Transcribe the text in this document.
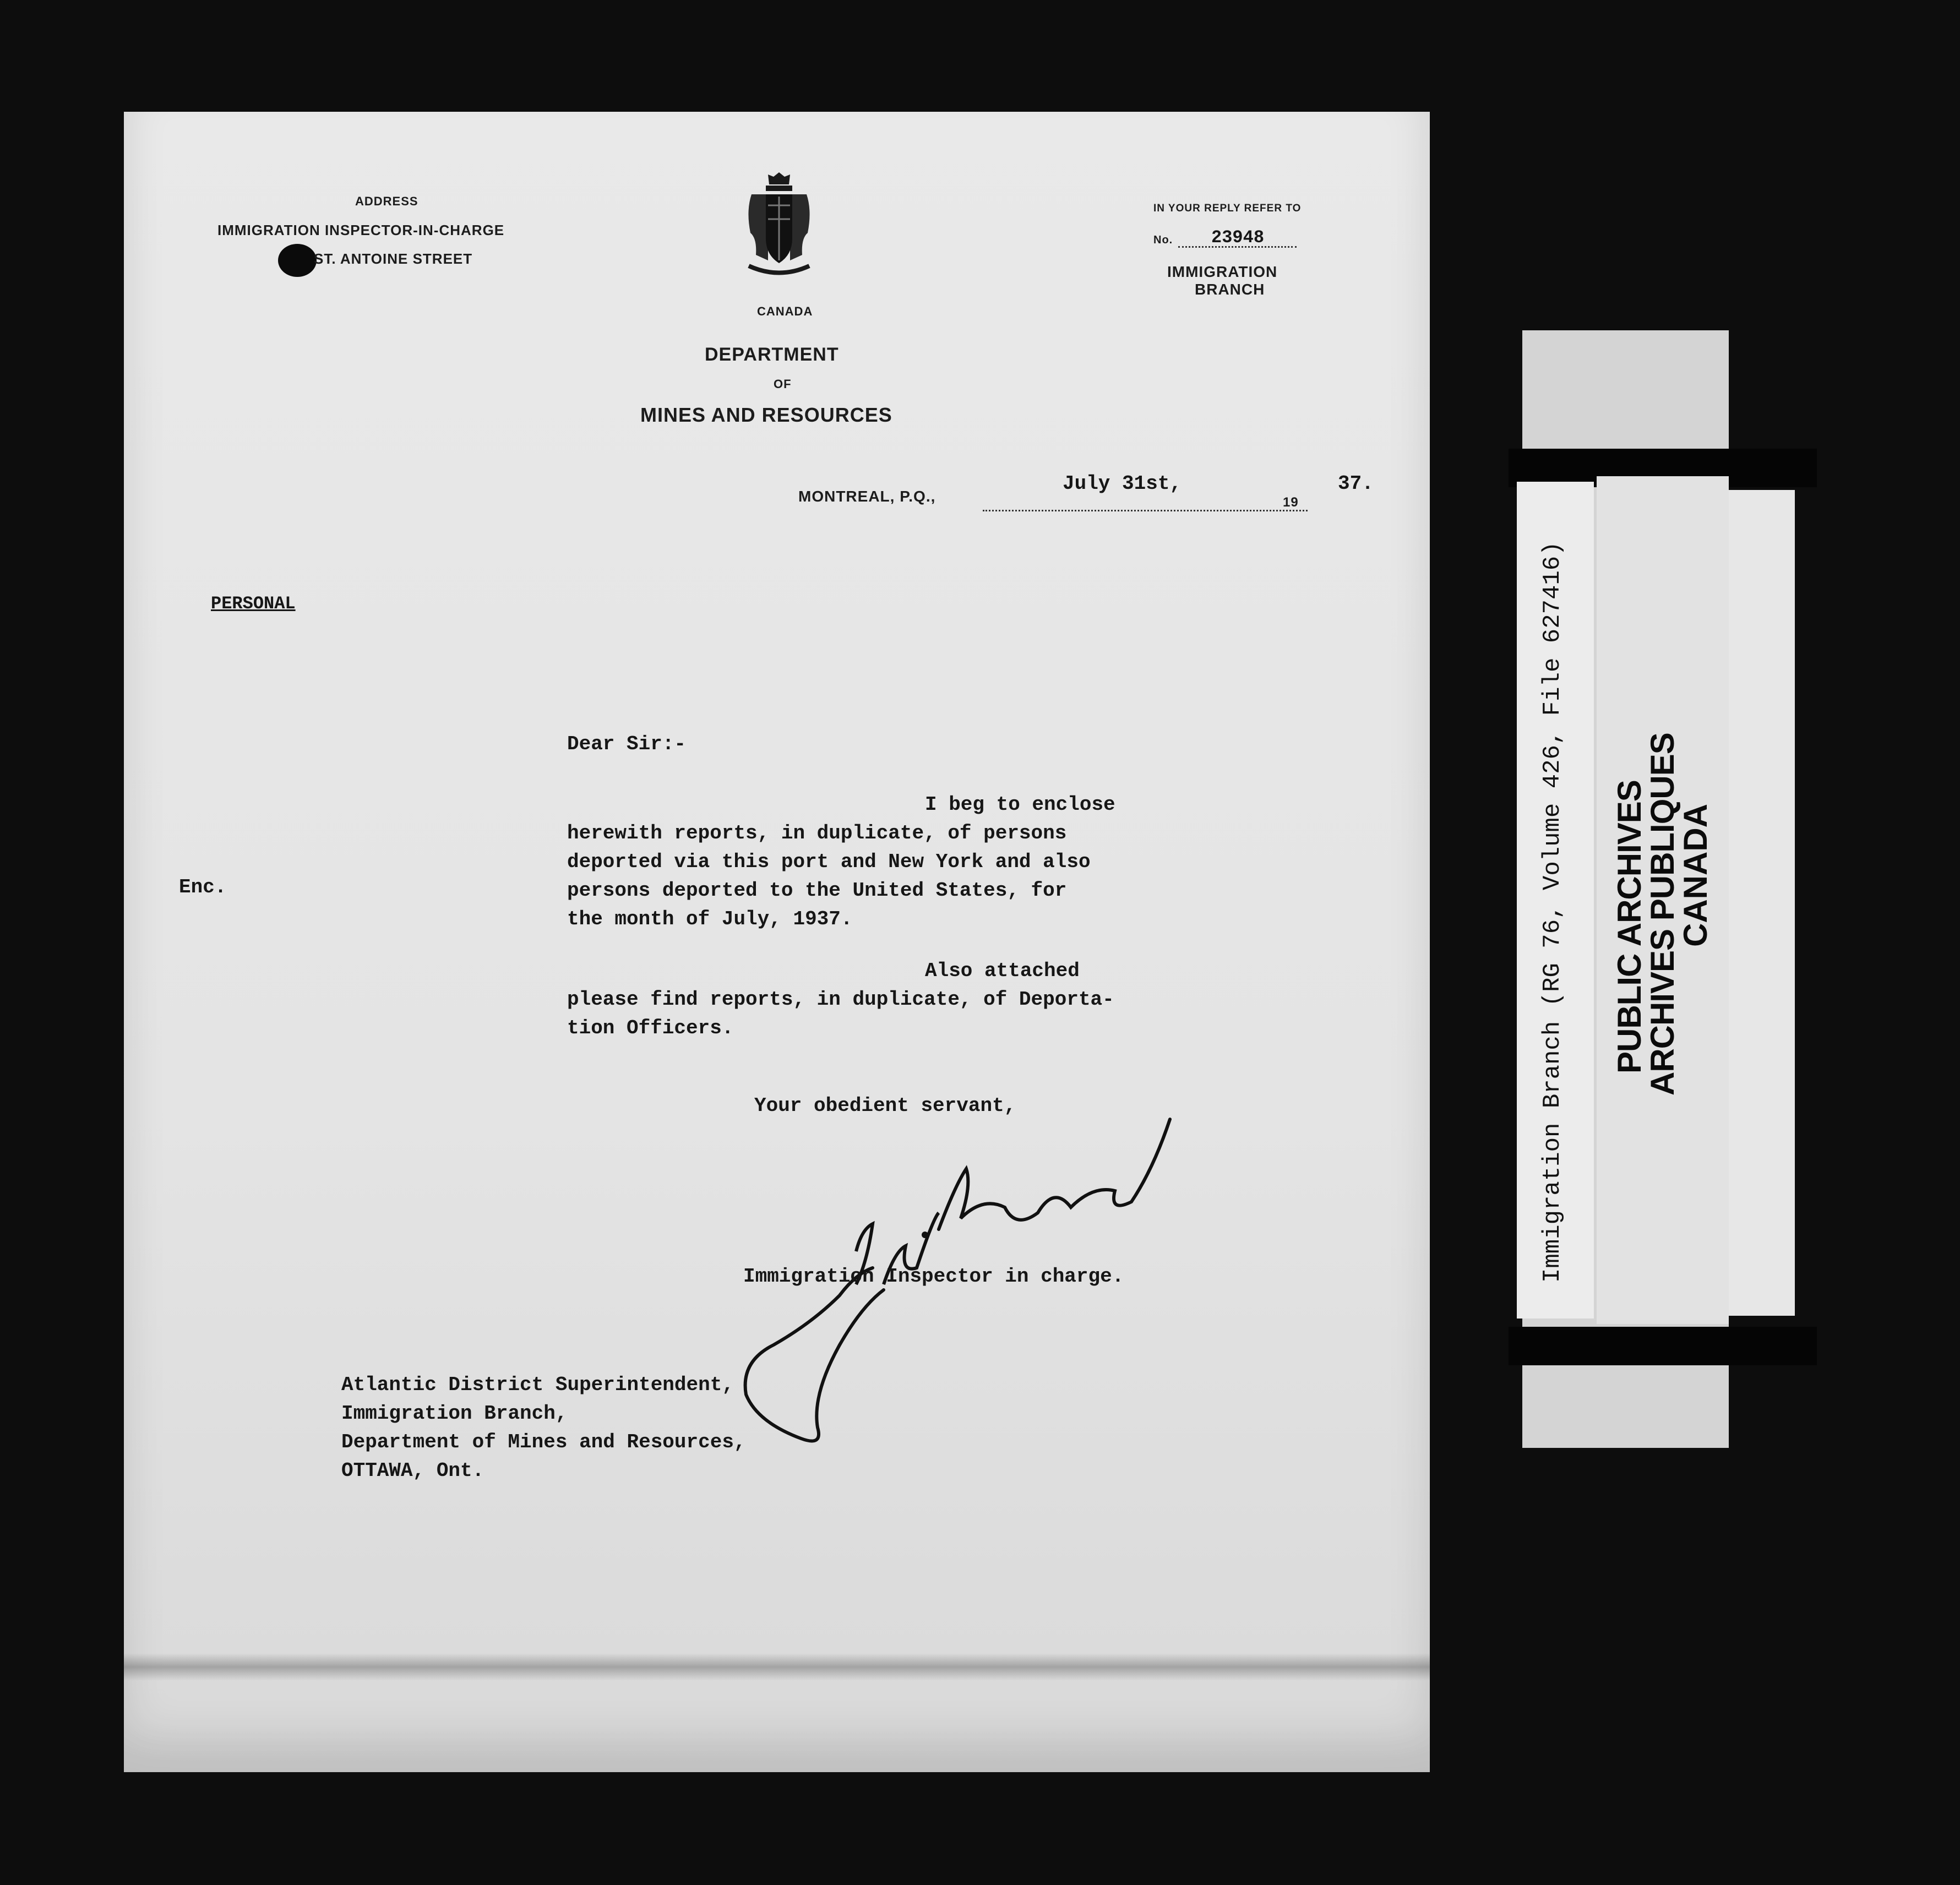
ADDRESS
IMMIGRATION INSPECTOR-IN-CHARGE
ST. ANTOINE STREET
CANADA
DEPARTMENT
OF
MINES AND RESOURCES
IN YOUR REPLY REFER TO
No. 23948
IMMIGRATION
BRANCH
MONTREAL, P.Q.,
July 31st,
19
37.
PERSONAL
Dear Sir:-
Enc.
I beg to enclose
herewith reports, in duplicate, of persons
deported via this port and New York and also
persons deported to the United States, for
the month of July, 1937.
Also attached
please find reports, in duplicate, of Deporta-
tion Officers.
Your obedient servant,
Immigration Inspector in charge.
Atlantic District Superintendent,
Immigration Branch,
Department of Mines and Resources,
OTTAWA, Ont.
Immigration Branch (RG 76, Volume 426, File 627416) PUBLIC ARCHIVES
ARCHIVES PUBLIQUES
CANADA
